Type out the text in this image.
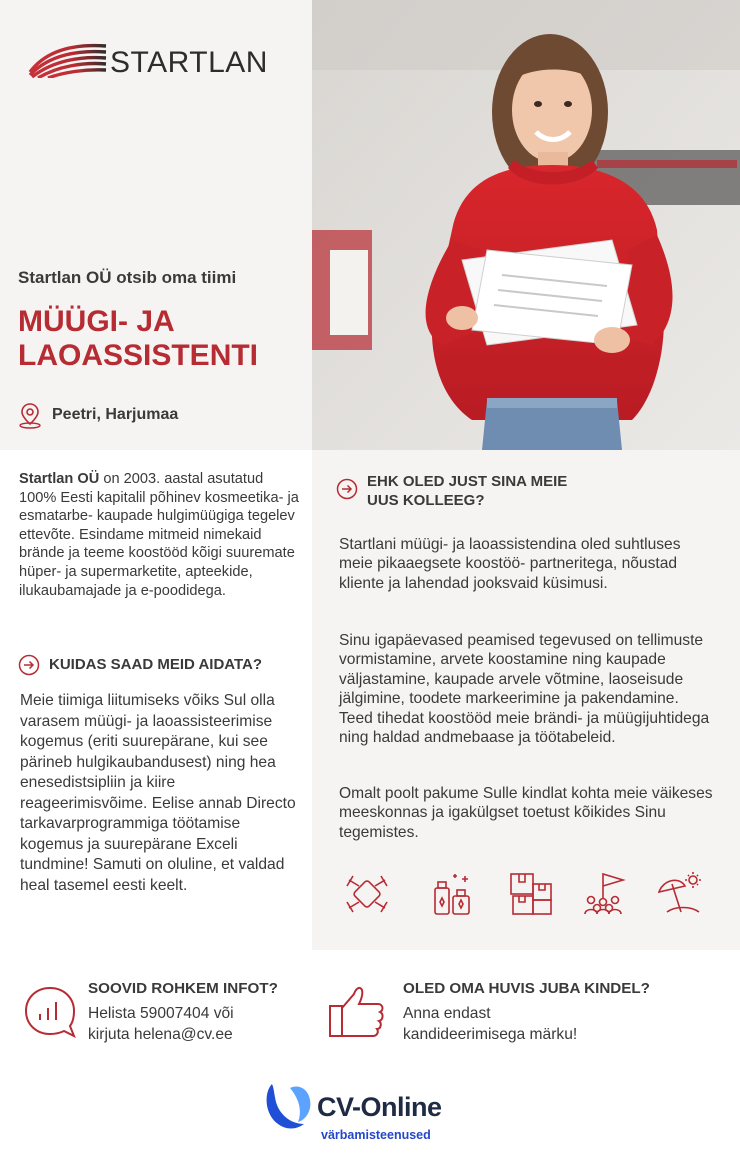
STARTLAN
Startlan OÜ otsib oma tiimi
MÜÜGI- JA
LAOASSISTENTI
Peetri, Harjumaa

Startlan OÜ on 2003. aastal asutatud 100% Eesti kapitalil põhinev kosmeetika- ja esmatarbe- kaupade hulgimüügiga tegelev ettevõte. Esindame mitmeid nimekaid brände ja teeme koostööd kõigi suuremate hüper- ja supermarketite, apteekide, ilukaubamajade ja e-poodidega.

KUIDAS SAAD MEID AIDATA?

Meie tiimiga liitumiseks võiks Sul olla varasem müügi- ja laoassisteerimise kogemus (eriti suurepärane, kui see pärineb hulgikaubandusest) ning hea enesedistsipliin ja kiire reageerimisvõime. Eelise annab Directo tarkavarprogrammiga töötamise kogemus ja suurepärane Exceli tundmine! Samuti on oluline, et valdad heal tasemel eesti keelt.

EHK OLED JUST SINA MEIE
UUS KOLLEEG?

Startlani müügi- ja laoassistendina oled suhtluses meie pikaaegsete koostöö- partneritega, nõustad kliente ja lahendad jooksvaid küsimusi.

Sinu igapäevased peamised tegevused on tellimuste vormistamine, arvete koostamine ning kaupade väljastamine, kaupade arvele võtmine, laoseisude jälgimine, toodete markeerimine ja pakendamine. Teed tihedat koostööd meie brändi- ja müügijuhtidega ning haldad andmebaase ja töötabeleid.

Omalt poolt pakume Sulle kindlat kohta meie väikeses meeskonnas ja igakülgset toetust kõikides Sinu tegemistes.

SOOVID ROHKEM INFOT?
Helista 59007404 või
kirjuta helena@cv.ee
OLED OMA HUVIS JUBA KINDEL?
Anna endast
kandideerimisega märku!
CV-Online
värbamisteenused
